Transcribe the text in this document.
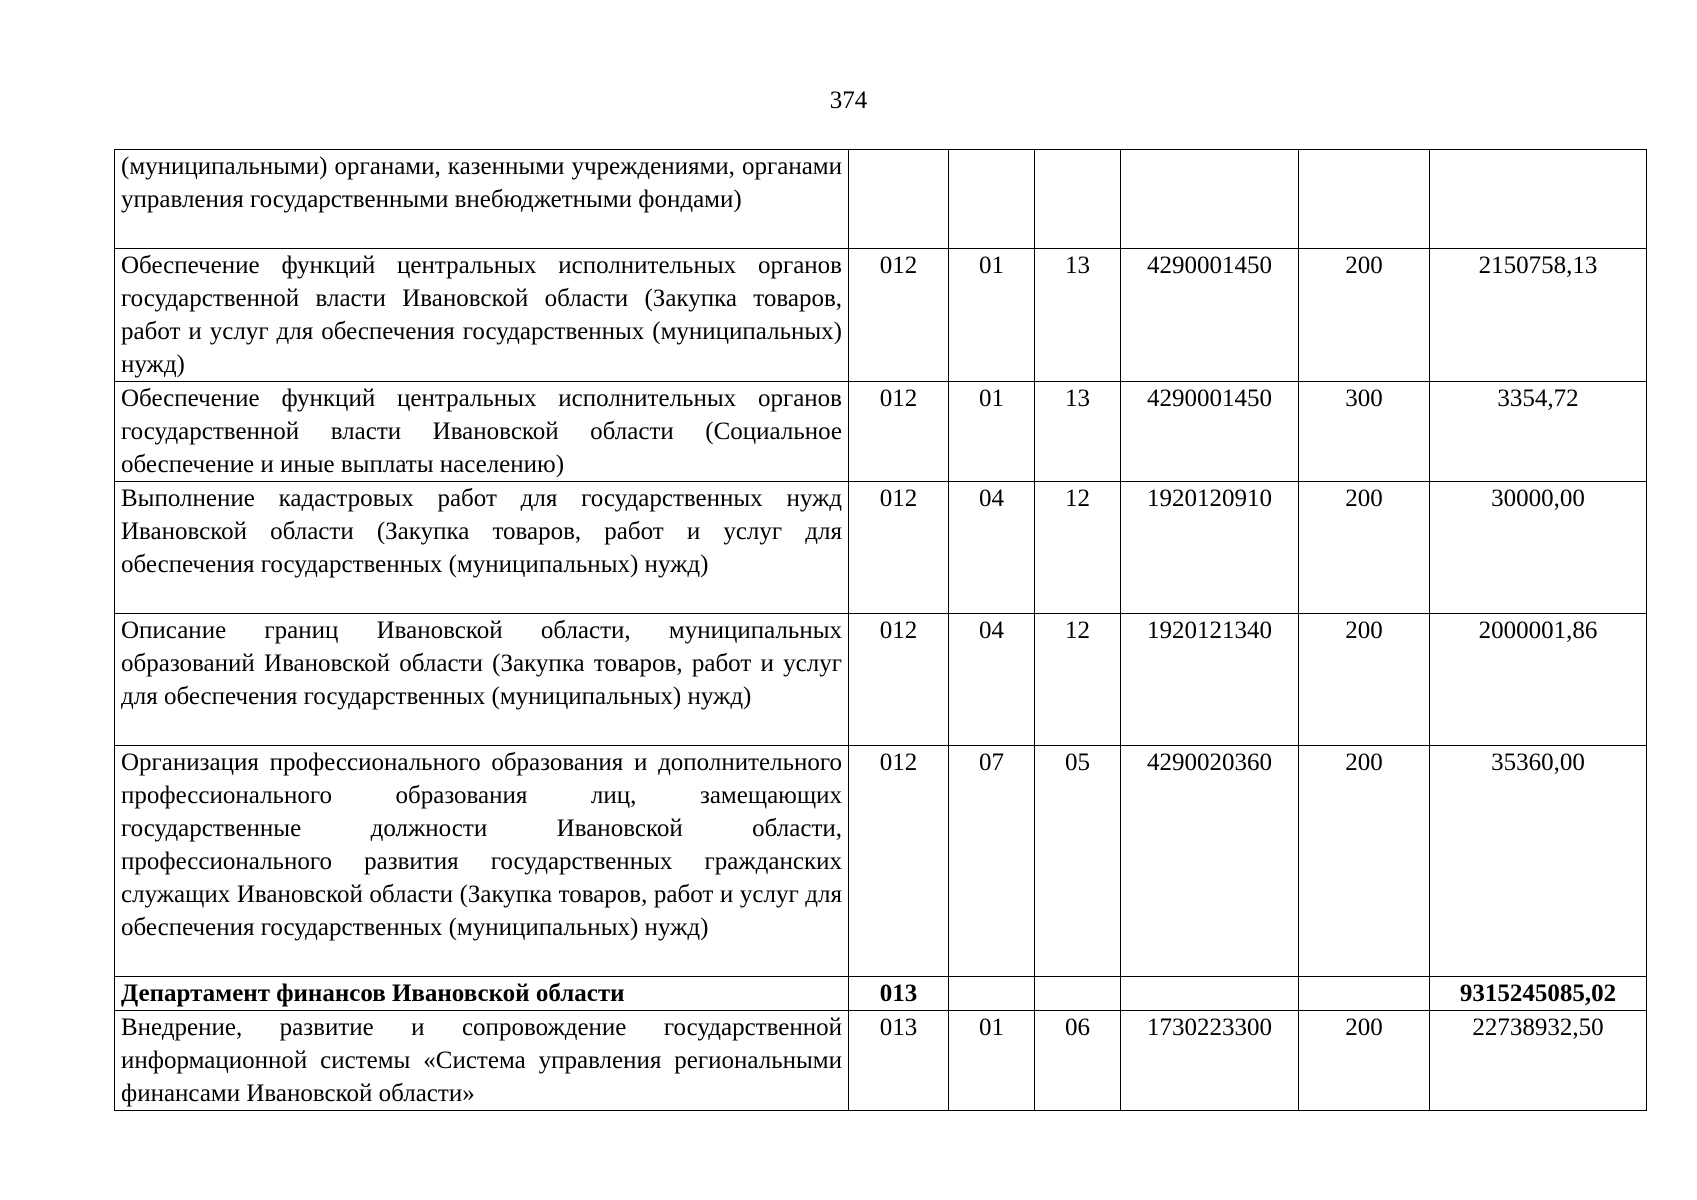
374
(муниципальными) органами, казенными учреждениями, органами управления государственными внебюджетными фондами)						
Обеспечение функций центральных исполнительных органов государственной власти Ивановской области (Закупка товаров, работ и услуг для обеспечения государственных (муниципальных) нужд)	012	01	13	4290001450	200	2150758,13
Обеспечение функций центральных исполнительных органов государственной власти Ивановской области (Социальное обеспечение и иные выплаты населению)	012	01	13	4290001450	300	3354,72
Выполнение кадастровых работ для государственных нужд Ивановской области (Закупка товаров, работ и услуг для обеспечения государственных (муниципальных) нужд)	012	04	12	1920120910	200	30000,00
Описание границ Ивановской области, муниципальных образований Ивановской области (Закупка товаров, работ и услуг для обеспечения государственных (муниципальных) нужд)	012	04	12	1920121340	200	2000001,86
Организация профессионального образования и дополнительного профессионального образования лиц, замещающих государственные должности Ивановской области, профессионального развития государственных гражданских служащих Ивановской области (Закупка товаров, работ и услуг для обеспечения государственных (муниципальных) нужд)	012	07	05	4290020360	200	35360,00
Департамент финансов Ивановской области	013					9315245085,02

Внедрение, развитие и сопровождение государственной информационной системы «Система управления региональными финансами Ивановской области»	013	01	06	1730223300	200	22738932,50
